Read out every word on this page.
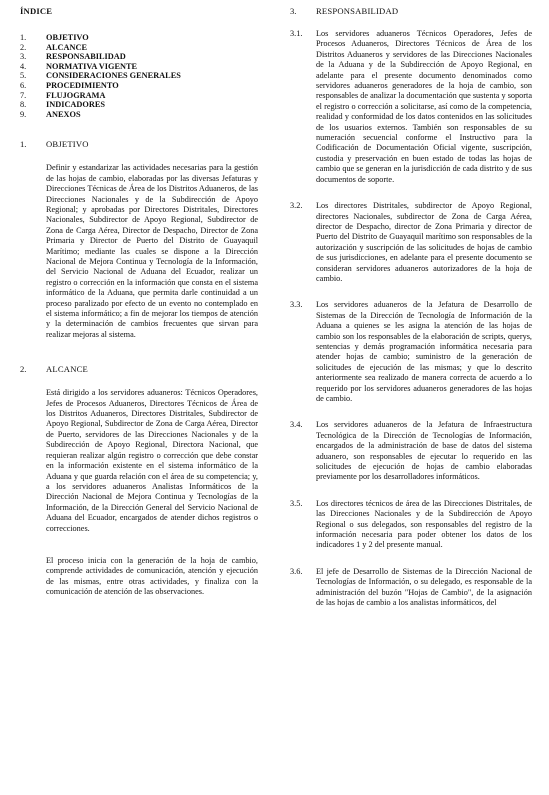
ÍNDICE
1.	OBJETIVO
2.	ALCANCE
3.	RESPONSABILIDAD
4.	NORMATIVA VIGENTE
5.	CONSIDERACIONES GENERALES
6.	PROCEDIMIENTO
7.	FLUJOGRAMA
8.	INDICADORES
9.	ANEXOS
1.	OBJETIVO

Definir y estandarizar las actividades necesarias para la gestión de las hojas de cambio, elaboradas por las diversas Jefaturas y Direcciones Técnicas de Área de los Distritos Aduaneros, de las Direcciones Nacionales y de la Subdirección de Apoyo Regional; y aprobadas por Directores Distritales, Directores Nacionales, Subdirector de Apoyo Regional, Subdirector de Zona de Carga Aérea, Director de Despacho, Director de Zona Primaria y Director de Puerto del Distrito de Guayaquil Marítimo; mediante las cuales se dispone a la Dirección Nacional de Mejora Continua y Tecnología de la Información, del Servicio Nacional de Aduana del Ecuador, realizar un registro o corrección en la información que consta en el sistema informático de la Aduana, que permita darle continuidad a un proceso paralizado por efecto de un evento no contemplado en el sistema informático; a fin de mejorar los tiempos de atención y la determinación de cambios frecuentes que sirvan para realizar mejoras al sistema.

2.	ALCANCE

Está dirigido a los servidores aduaneros: Técnicos Operadores, Jefes de Procesos Aduaneros, Directores Técnicos de Área de los Distritos Aduaneros, Directores Distritales, Subdirector de Apoyo Regional, Subdirector de Zona de Carga Aérea, Director de Puerto, servidores de las Direcciones Nacionales y de la Subdirección de Apoyo Regional, Directora Nacional, que requieran realizar algún registro o corrección que debe constar en la información existente en el sistema informático de la Aduana y que guarda relación con el área de su competencia; y, a los servidores aduaneros Analistas Informáticos de la Dirección Nacional de Mejora Continua y Tecnologías de la Información, de la Dirección General del Servicio Nacional de Aduana del Ecuador, encargados de atender dichos registros o correcciones.

El proceso inicia con la generación de la hoja de cambio, comprende actividades de comunicación, atención y ejecución de las mismas, entre otras actividades, y finaliza con la comunicación de atención de las observaciones.

3.	RESPONSABILIDAD
3.1.	Los servidores aduaneros Técnicos Operadores, Jefes de Procesos Aduaneros, Directores Técnicos de Área de los Distritos Aduaneros y servidores de las Direcciones Nacionales de la Aduana y de la Subdirección de Apoyo Regional, en adelante para el presente documento denominados como servidores aduaneros generadores de la hoja de cambio, son responsables de analizar la documentación que sustenta y soporta el registro o corrección a solicitarse, así como de la competencia, realidad y conformidad de los datos contenidos en las solicitudes de los usuarios externos. También son responsables de su numeración secuencial conforme el Instructivo para la Codificación de Documentación Oficial vigente, suscripción, custodia y preservación en buen estado de todas las hojas de cambio que se generan en la jurisdicción de cada distrito y de sus documentos de soporte.

3.2.	Los directores Distritales, subdirector de Apoyo Regional, directores Nacionales, subdirector de Zona de Carga Aérea, director de Despacho, director de Zona Primaria y director de Puerto del Distrito de Guayaquil marítimo son responsables de la autorización y suscripción de las solicitudes de hojas de cambio de sus jurisdicciones, en adelante para el presente documento se consideran servidores aduaneros autorizadores de la hoja de cambio.

3.3.	Los servidores aduaneros de la Jefatura de Desarrollo de Sistemas de la Dirección de Tecnología de Información de la Aduana a quienes se les asigna la atención de las hojas de cambio son los responsables de la elaboración de scripts, querys, sentencias y demás programación informática necesaria para atender hojas de cambio; suministro de la generación de solicitudes de ejecución de las mismas; y que lo descrito anteriormente sea realizado de manera correcta de acuerdo a lo requerido por los servidores aduaneros generadores de las hojas de cambio.

3.4.	Los servidores aduaneros de la Jefatura de Infraestructura Tecnológica de la Dirección de Tecnologías de Información, encargados de la administración de base de datos del sistema aduanero, son responsables de ejecutar lo requerido en las solicitudes de ejecución de hojas de cambio elaboradas previamente por los desarrolladores informáticos.

3.5.	Los directores técnicos de área de las Direcciones Distritales, de las Direcciones Nacionales y de la Subdirección de Apoyo Regional o sus delegados, son responsables del registro de la información necesaria para poder obtener los datos de los indicadores 1 y 2 del presente manual.

3.6.	El jefe de Desarrollo de Sistemas de la Dirección Nacional de Tecnologías de Información, o su delegado, es responsable de la administración del buzón "Hojas de Cambio", de la asignación de las hojas de cambio a los analistas informáticos, del
